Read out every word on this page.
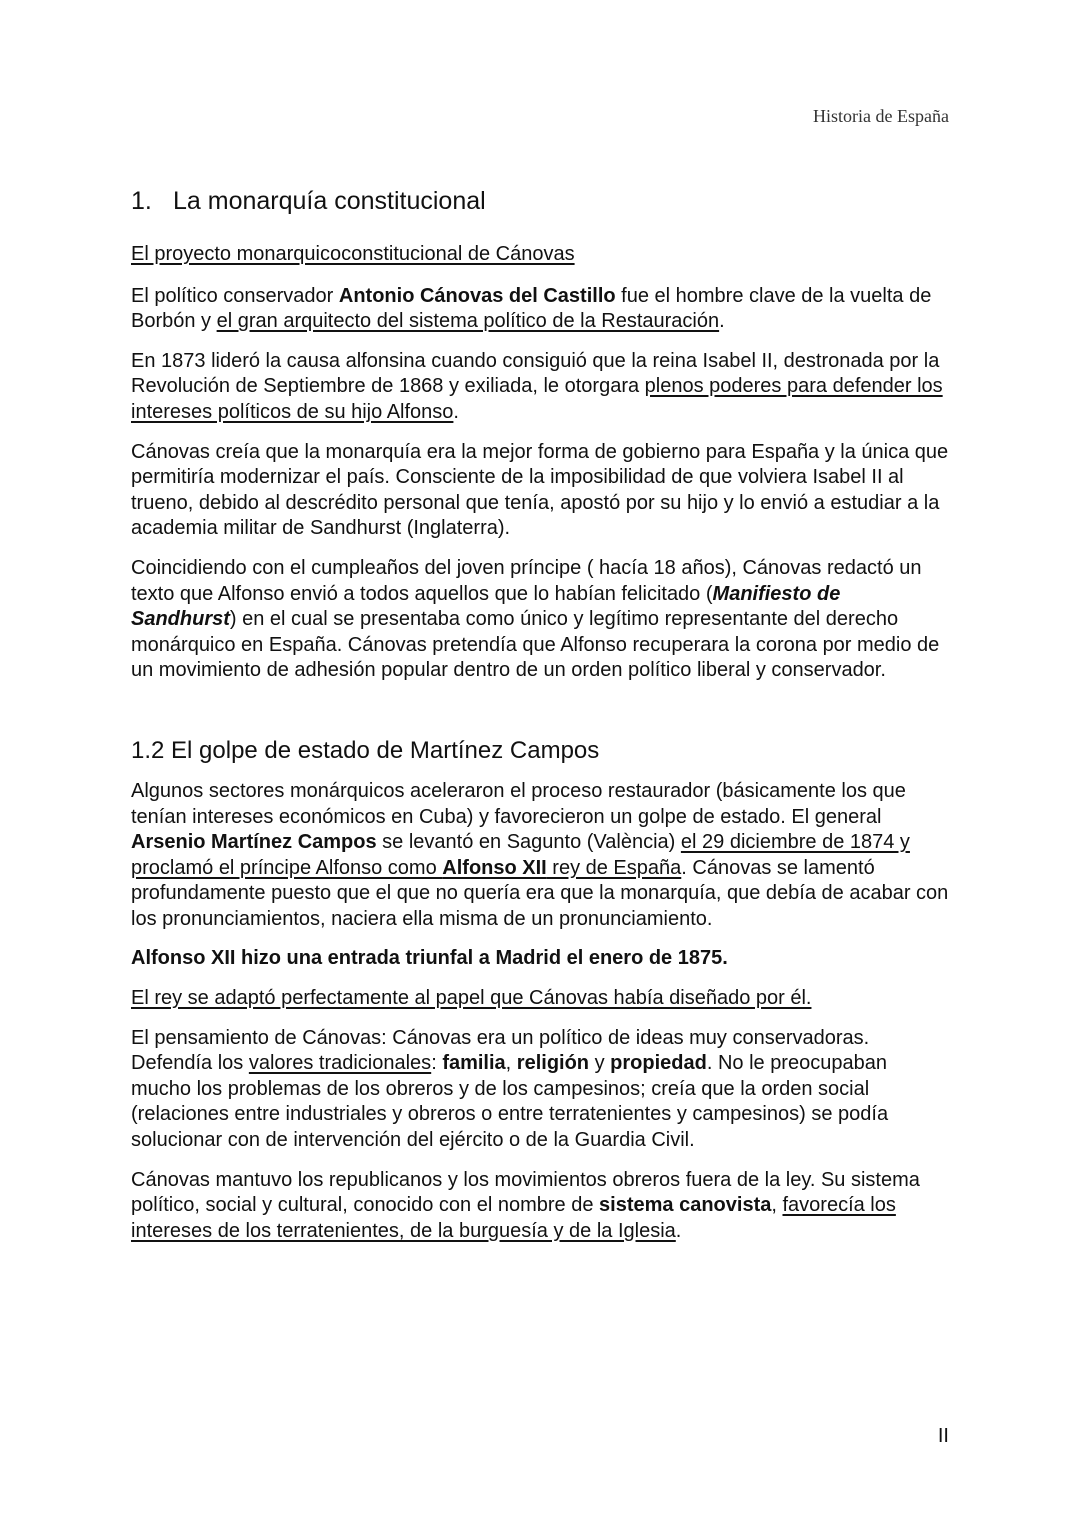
Historia de España
1. La monarquía constitucional

El proyecto monarquicoconstitucional de Cánovas

El político conservador Antonio Cánovas del Castillo fue el hombre clave de la vuelta de Borbón y el gran arquitecto del sistema político de la Restauración.

En 1873 lideró la causa alfonsina cuando consiguió que la reina Isabel II, destronada por la Revolución de Septiembre de 1868 y exiliada, le otorgara plenos poderes para defender los intereses políticos de su hijo Alfonso.

Cánovas creía que la monarquía era la mejor forma de gobierno para España y la única que permitiría modernizar el país. Consciente de la imposibilidad de que volviera Isabel II al trueno, debido al descrédito personal que tenía, apostó por su hijo y lo envió a estudiar a la academia militar de Sandhurst (Inglaterra).

Coincidiendo con el cumpleaños del joven príncipe ( hacía 18 años), Cánovas redactó un texto que Alfonso envió a todos aquellos que lo habían felicitado (Manifiesto de Sandhurst) en el cual se presentaba como único y legítimo representante del derecho monárquico en España. Cánovas pretendía que Alfonso recuperara la corona por medio de un movimiento de adhesión popular dentro de un orden político liberal y conservador.

1.2 El golpe de estado de Martínez Campos

Algunos sectores monárquicos aceleraron el proceso restaurador (básicamente los que tenían intereses económicos en Cuba) y favorecieron un golpe de estado. El general Arsenio Martínez Campos se levantó en Sagunto (València) el 29 diciembre de 1874 y proclamó el príncipe Alfonso como Alfonso XII rey de España. Cánovas se lamentó profundamente puesto que el que no quería era que la monarquía, que debía de acabar con los pronunciamientos, naciera ella misma de un pronunciamiento.

Alfonso XII hizo una entrada triunfal a Madrid el enero de 1875.

El rey se adaptó perfectamente al papel que Cánovas había diseñado por él.

El pensamiento de Cánovas: Cánovas era un político de ideas muy conservadoras. Defendía los valores tradicionales: familia, religión y propiedad. No le preocupaban mucho los problemas de los obreros y de los campesinos; creía que la orden social (relaciones entre industriales y obreros o entre terratenientes y campesinos) se podía solucionar con de intervención del ejército o de la Guardia Civil.

Cánovas mantuvo los republicanos y los movimientos obreros fuera de la ley. Su sistema político, social y cultural, conocido con el nombre de sistema canovista, favorecía los intereses de los terratenientes, de la burguesía y de la Iglesia.

II
